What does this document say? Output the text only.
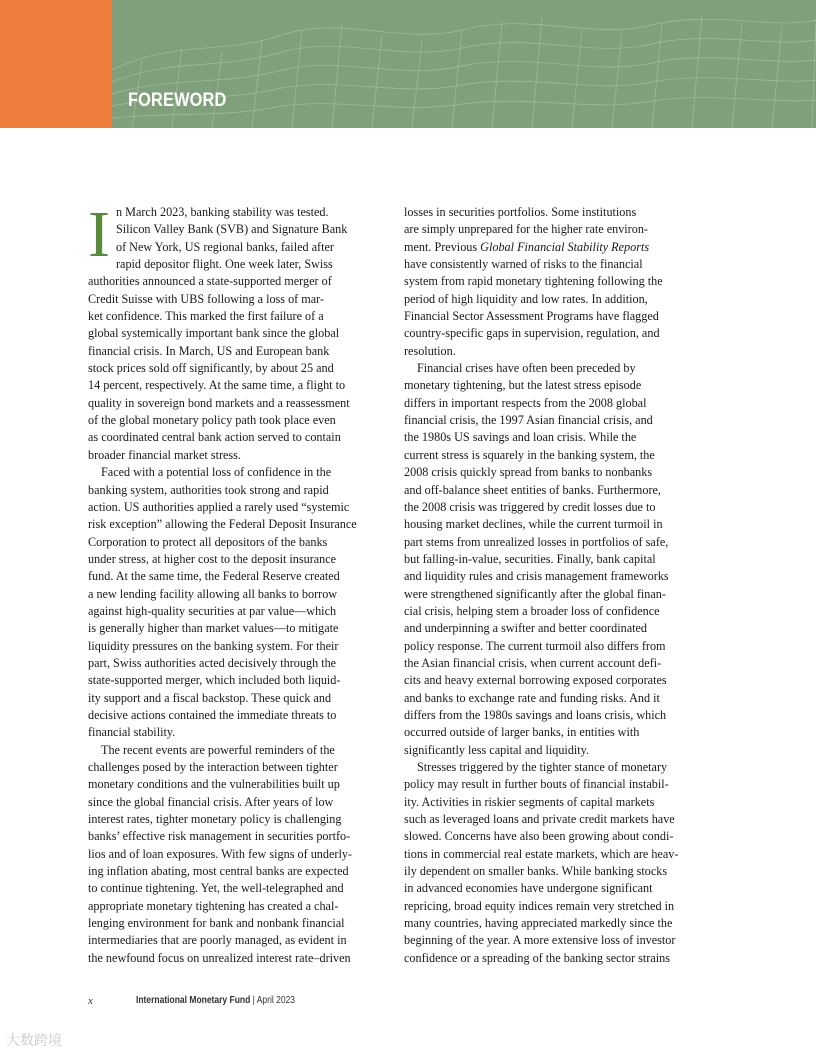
FOREWORD

I n March 2023, banking stability was tested.
Silicon Valley Bank (SVB) and Signature Bank
of New York, US regional banks, failed after
rapid depositor flight. One week later, Swiss
authorities announced a state-supported merger of
Credit Suisse with UBS following a loss of mar-
ket confidence. This marked the first failure of a
global systemically important bank since the global
financial crisis. In March, US and European bank
stock prices sold off significantly, by about 25 and
14 percent, respectively. At the same time, a flight to
quality in sovereign bond markets and a reassessment
of the global monetary policy path took place even
as coordinated central bank action served to contain
broader financial market stress.

Faced with a potential loss of confidence in the
banking system, authorities took strong and rapid
action. US authorities applied a rarely used “systemic
risk exception” allowing the Federal Deposit Insurance
Corporation to protect all depositors of the banks
under stress, at higher cost to the deposit insurance
fund. At the same time, the Federal Reserve created
a new lending facility allowing all banks to borrow
against high-quality securities at par value—which
is generally higher than market values—to mitigate
liquidity pressures on the banking system. For their
part, Swiss authorities acted decisively through the
state-supported merger, which included both liquid-
ity support and a fiscal backstop. These quick and
decisive actions contained the immediate threats to
financial stability.

The recent events are powerful reminders of the
challenges posed by the interaction between tighter
monetary conditions and the vulnerabilities built up
since the global financial crisis. After years of low
interest rates, tighter monetary policy is challenging
banks’ effective risk management in securities portfo-
lios and of loan exposures. With few signs of underly-
ing inflation abating, most central banks are expected
to continue tightening. Yet, the well-telegraphed and
appropriate monetary tightening has created a chal-
lenging environment for bank and nonbank financial
intermediaries that are poorly managed, as evident in
the newfound focus on unrealized interest rate–driven

losses in securities portfolios. Some institutions
are simply unprepared for the higher rate environ-
ment. Previous Global Financial Stability Reports
have consistently warned of risks to the financial
system from rapid monetary tightening following the
period of high liquidity and low rates. In addition,
Financial Sector Assessment Programs have flagged
country-specific gaps in supervision, regulation, and
resolution.

Financial crises have often been preceded by
monetary tightening, but the latest stress episode
differs in important respects from the 2008 global
financial crisis, the 1997 Asian financial crisis, and
the 1980s US savings and loan crisis. While the
current stress is squarely in the banking system, the
2008 crisis quickly spread from banks to nonbanks
and off-balance sheet entities of banks. Furthermore,
the 2008 crisis was triggered by credit losses due to
housing market declines, while the current turmoil in
part stems from unrealized losses in portfolios of safe,
but falling-in-value, securities. Finally, bank capital
and liquidity rules and crisis management frameworks
were strengthened significantly after the global finan-
cial crisis, helping stem a broader loss of confidence
and underpinning a swifter and better coordinated
policy response. The current turmoil also differs from
the Asian financial crisis, when current account defi-
cits and heavy external borrowing exposed corporates
and banks to exchange rate and funding risks. And it
differs from the 1980s savings and loans crisis, which
occurred outside of larger banks, in entities with
significantly less capital and liquidity.

Stresses triggered by the tighter stance of monetary
policy may result in further bouts of financial instabil-
ity. Activities in riskier segments of capital markets
such as leveraged loans and private credit markets have
slowed. Concerns have also been growing about condi-
tions in commercial real estate markets, which are heav-
ily dependent on smaller banks. While banking stocks
in advanced economies have undergone significant
repricing, broad equity indices remain very stretched in
many countries, having appreciated markedly since the
beginning of the year. A more extensive loss of investor
confidence or a spreading of the banking sector strains

x	International Monetary Fund | April 2023
大数跨境
